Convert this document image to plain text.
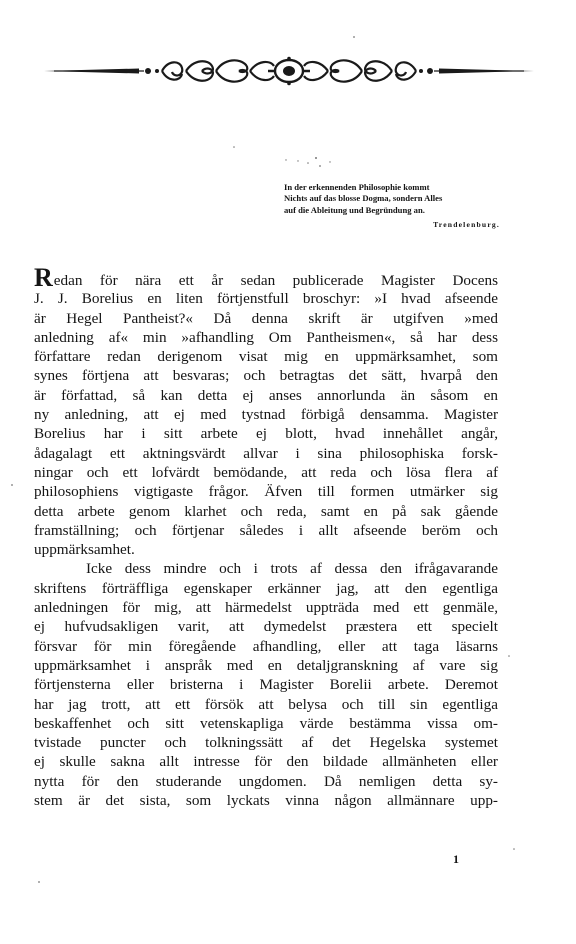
In der erkennenden Philosophie kommt
Nichts auf das blosse Dogma, sondern Alles
auf die Ableitung und Begründung an.
Trendelenburg.
Redan för nära ett år sedan publicerade Magister Docens
J. J. Borelius en liten förtjenstfull broschyr: »I hvad afseende
är Hegel Pantheist?« Då denna skrift är utgifven »med
anledning af« min »afhandling Om Pantheismen«, så har dess
författare redan derigenom visat mig en uppmärksamhet, som
synes förtjena att besvaras; och betragtas det sätt, hvarpå den
är författad, så kan detta ej anses annorlunda än såsom en
ny anledning, att ej med tystnad förbigå densamma. Magister
Borelius har i sitt arbete ej blott, hvad innehållet angår,
ådagalagt ett aktningsvärdt allvar i sina philosophiska forsk-
ningar och ett lofvärdt bemödande, att reda och lösa flera af
philosophiens vigtigaste frågor. Äfven till formen utmärker sig
detta arbete genom klarhet och reda, samt en på sak gående
framställning; och förtjenar således i allt afseende beröm och
uppmärksamhet.
Icke dess mindre och i trots af dessa den ifrågavarande
skriftens förträffliga egenskaper erkänner jag, att den egentliga
anledningen för mig, att härmedelst uppträda med ett genmäle,
ej hufvudsakligen varit, att dymedelst præstera ett specielt
försvar för min föregående afhandling, eller att taga läsarns
uppmärksamhet i anspråk med en detaljgranskning af vare sig
förtjensterna eller bristerna i Magister Borelii arbete. Deremot
har jag trott, att ett försök att belysa och till sin egentliga
beskaffenhet och sitt vetenskapliga värde bestämma vissa om-
tvistade puncter och tolkningssätt af det Hegelska systemet
ej skulle sakna allt intresse för den bildade allmänheten eller
nytta för den studerande ungdomen. Då nemligen detta sy-
stem är det sista, som lyckats vinna någon allmännare upp-
1
